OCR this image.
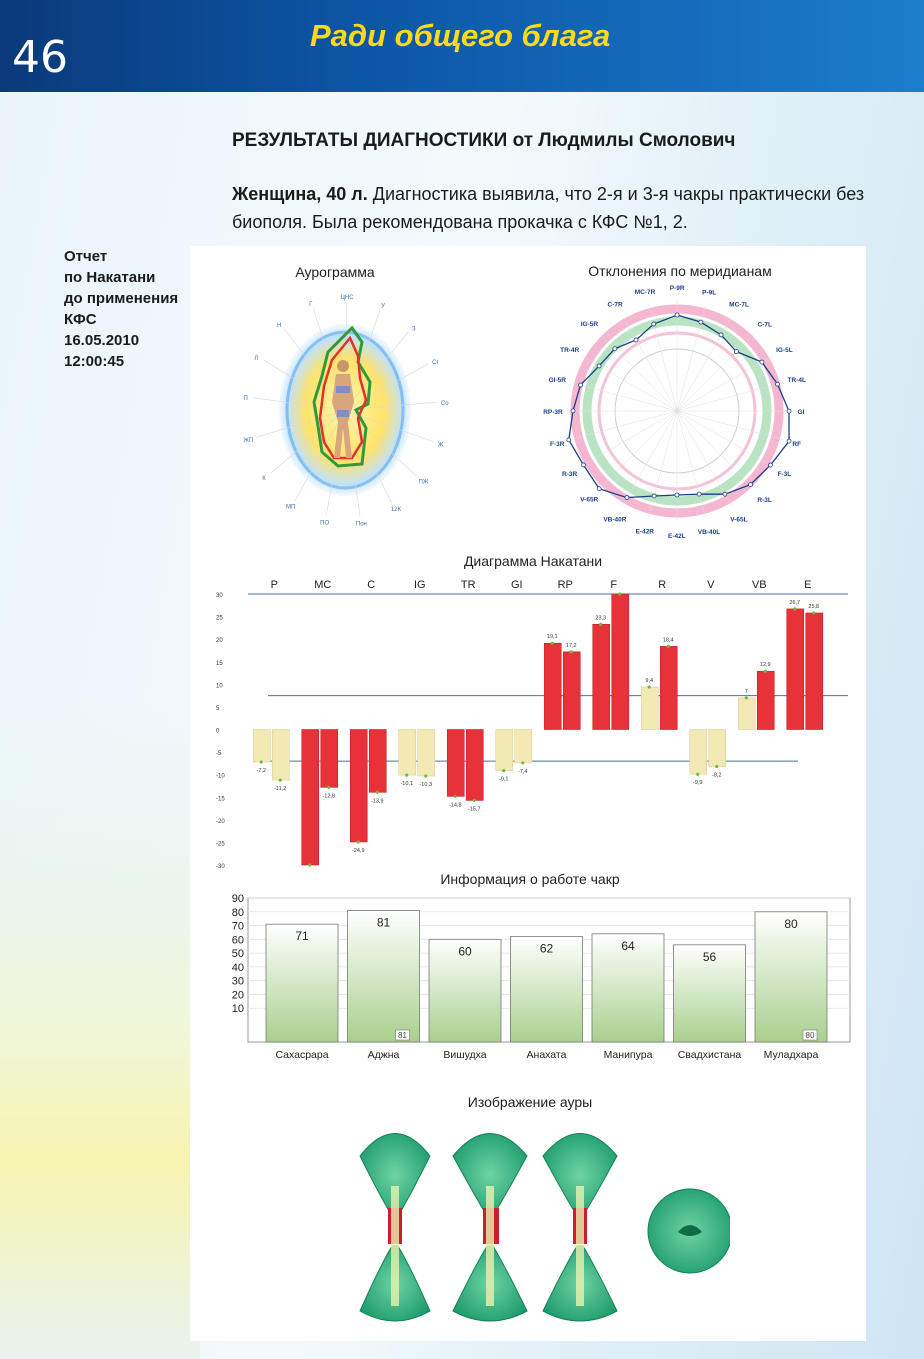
46	Ради общего блага
РЕЗУЛЬТАТЫ ДИАГНОСТИКИ от Людмилы Смолович
Женщина, 40 л. Диагностика выявила, что 2-я и 3-я чакры практически без биополя. Была рекомендована прокачка с КФС №1, 2.
Отчет
по Накатани
до применения
КФС
16.05.2010
12:00:45
Аурограмма	Отклонения по меридианам
ЦНС
У
З
Сг
Со
Ж
ПЖ
12К
Пон
ПО
МП
К
ЖП
П
Л
Н
Г
P-9R
P-9L
MC-7L
C-7L
IG-5L
TR-4L
GI
RF
F-3L
R-3L
V-65L
VB-40L
E-42L
E-42R
VB-40R
V-65R
R-3R
F-3R
RP-3R
GI-5R
TR-4R
IG-5R
C-7R
MC-7R
Диаграмма Накатани
30
25
20
15
10
5
0
-5
-10
-15
-20
-25
-30
P
-7,2
-11,2
MC
-12,8
C
-24,9
-13,9
IG
-10,1 -10,3
TR
-14,8
-15,7
GI
-9,1
-7,4
RP
19,1
17,2
F
23,3
R
9,4
18,4
V
-9,9
-8,2
VB
7
12,9
E
26,7
25,8
Информация о работе чакр
90
80
70
60
50
40
30
20
10
71
Сахасрара
81
Аджна
81
60
Вишудха
62
Анахата
64
Манипура
56
Свадхистана
80
Муладхара
80
Изображение ауры
